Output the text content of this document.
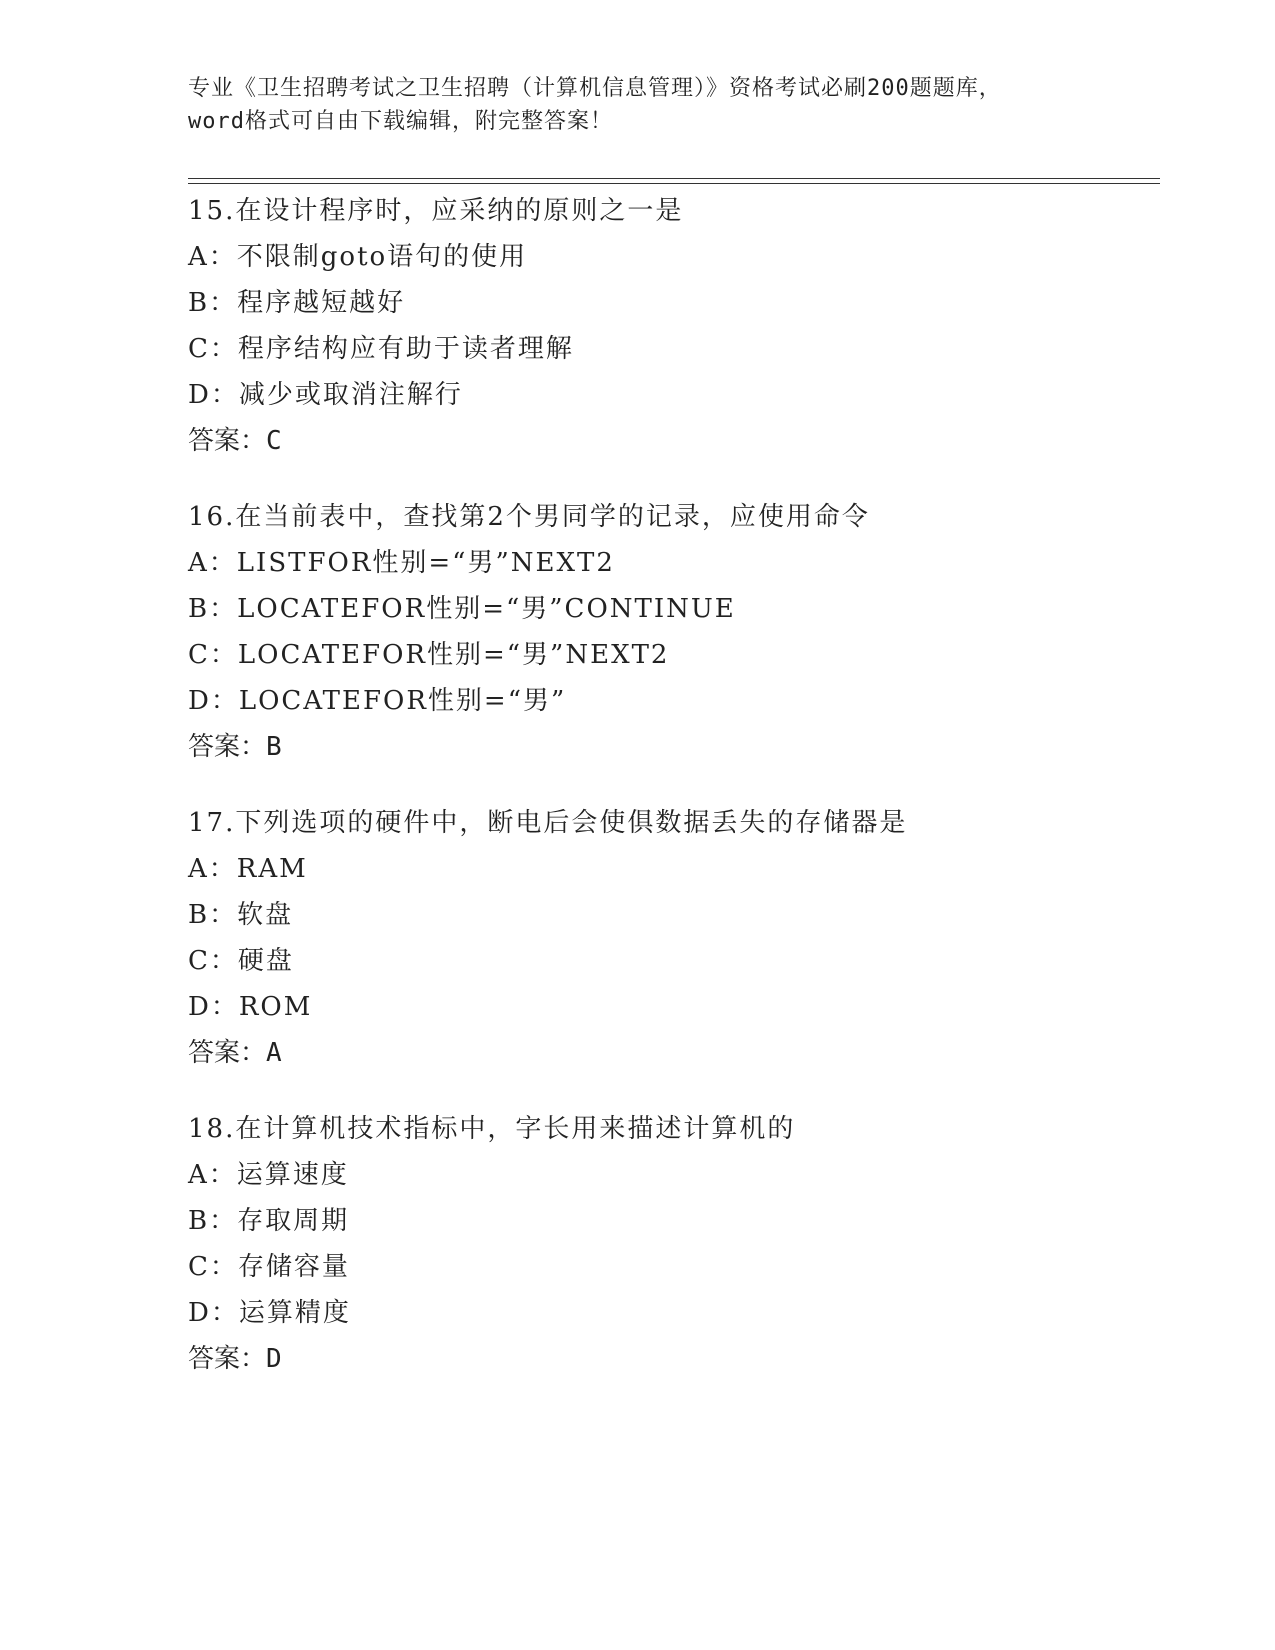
专业《卫生招聘考试之卫生招聘（计算机信息管理）》资格考试必刷200题题库，
word格式可自由下载编辑，附完整答案！
15.在设计程序时，应采纳的原则之一是
A：不限制goto语句的使用
B：程序越短越好
C：程序结构应有助于读者理解
D：减少或取消注解行
答案：C
16.在当前表中，查找第2个男同学的记录，应使用命令
A：LISTFOR性别=“男”NEXT2
B：LOCATEFOR性别=“男”CONTINUE
C：LOCATEFOR性别=“男”NEXT2
D：LOCATEFOR性别=“男”
答案：B
17.下列选项的硬件中，断电后会使俱数据丢失的存储器是
A：RAM
B：软盘
C：硬盘
D：ROM
答案：A
18.在计算机技术指标中，字长用来描述计算机的
A：运算速度
B：存取周期
C：存储容量
D：运算精度
答案：D
